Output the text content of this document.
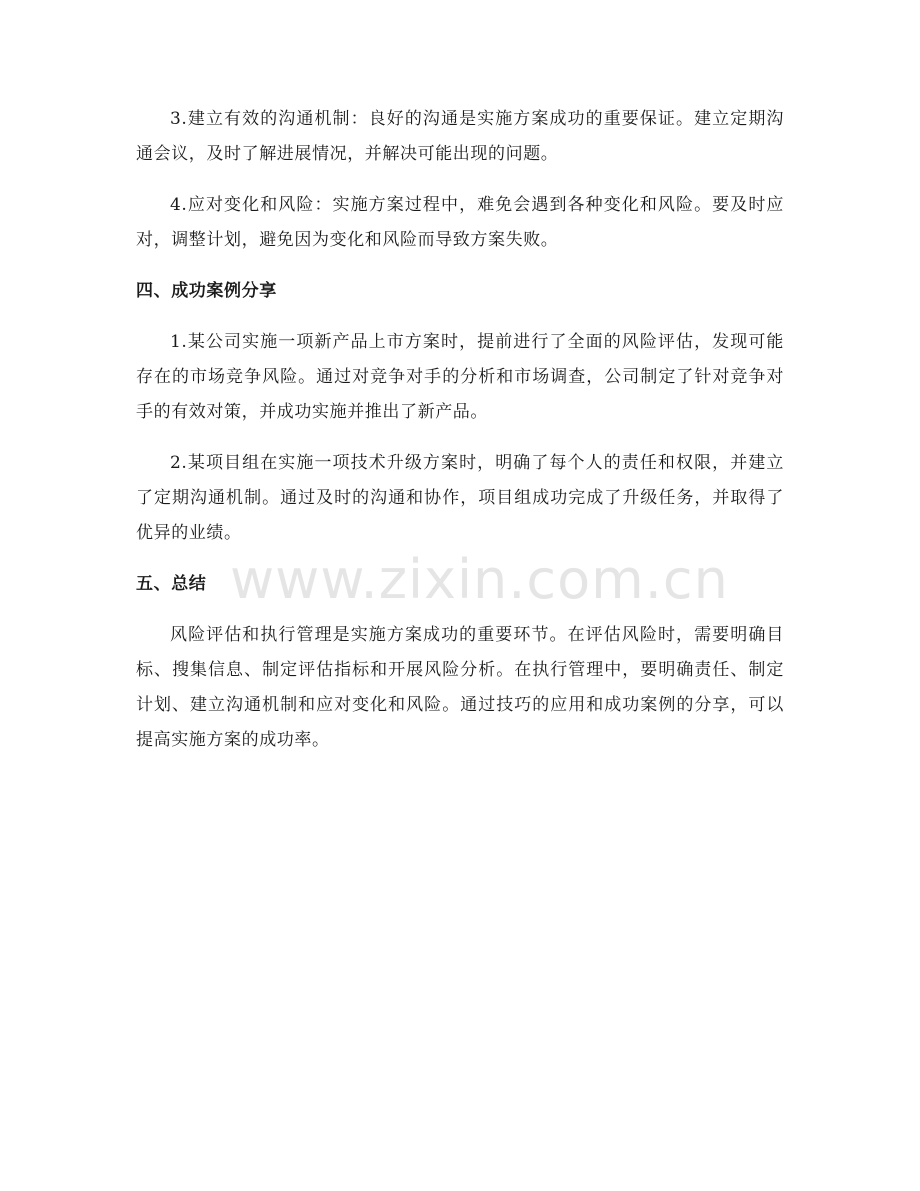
3.建立有效的沟通机制：良好的沟通是实施方案成功的重要保证。建立定期沟通会议，及时了解进展情况，并解决可能出现的问题。

4.应对变化和风险：实施方案过程中，难免会遇到各种变化和风险。要及时应对，调整计划，避免因为变化和风险而导致方案失败。

四、成功案例分享

1.某公司实施一项新产品上市方案时，提前进行了全面的风险评估，发现可能存在的市场竞争风险。通过对竞争对手的分析和市场调查，公司制定了针对竞争对手的有效对策，并成功实施并推出了新产品。

2.某项目组在实施一项技术升级方案时，明确了每个人的责任和权限，并建立了定期沟通机制。通过及时的沟通和协作，项目组成功完成了升级任务，并取得了优异的业绩。

五、总结

风险评估和执行管理是实施方案成功的重要环节。在评估风险时，需要明确目标、搜集信息、制定评估指标和开展风险分析。在执行管理中，要明确责任、制定计划、建立沟通机制和应对变化和风险。通过技巧的应用和成功案例的分享，可以提高实施方案的成功率。

www.zixin.com.cn
